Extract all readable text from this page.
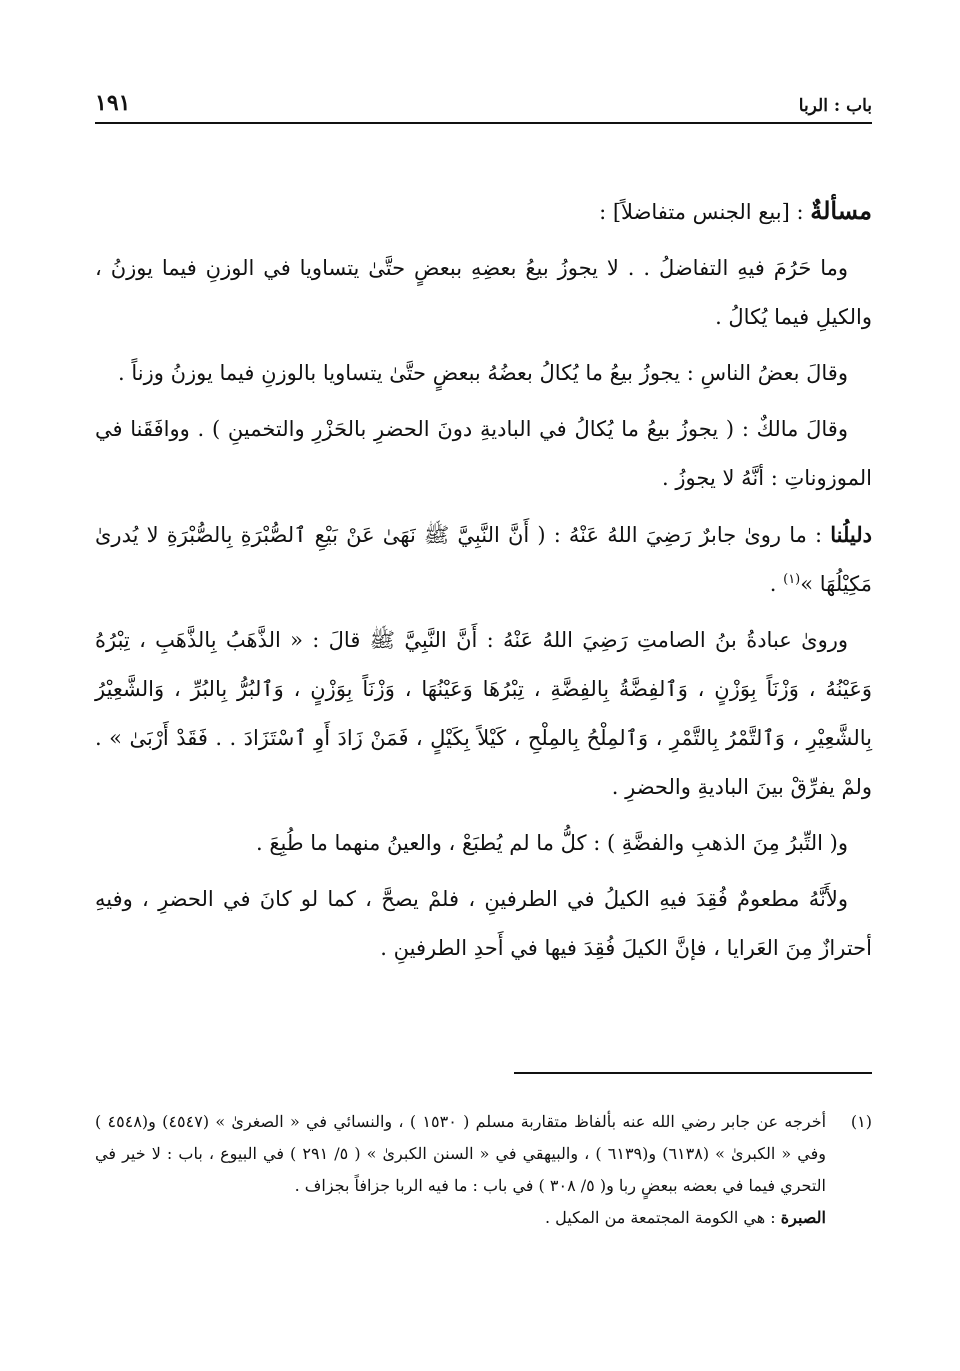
باب : الربا
١٩١

مسألةٌ : [بيع الجنس متفاضلاً] :

وما حَرُمَ فيهِ التفاضلُ . . لا يجوزُ بيعُ بعضِهِ ببعضٍ حتَّىٰ يتساويا في الوزنِ فيما يوزنُ ، والكيلِ فيما يُكالُ .

وقالَ بعضُ الناسِ : يجوزُ بيعُ ما يُكالُ بعضُهُ ببعضٍ حتَّىٰ يتساويا بالوزنِ فيما يوزنُ وزناً .

وقالَ مالكٌ : ( يجوزُ بيعُ ما يُكالُ في الباديةِ دونَ الحضرِ بالحَزْرِ والتخمينِ ) . ووافَقَنا في الموزوناتِ : أنَّهُ لا يجوزُ .

دليلُنا : ما روىٰ جابرٌ رَضِيَ اللهُ عَنْهُ : ( أَنَّ النَّبِيَّ ﷺ نَهَىٰ عَنْ بَيْعِ ٱلصُّبْرَةِ بِالصُّبْرَةِ لا يُدرىٰ مَكِيْلُهَا »$^{(١)}$ .

وروىٰ عبادةُ بنُ الصامتِ رَضِيَ اللهُ عَنْهُ : أَنَّ النَّبِيَّ ﷺ قالَ : « الذَّهَبُ بِالذَّهَبِ ، تِبْرُهُ وَعَيْنُهُ ، وَزْنَاً بِوَزْنٍ ، وَٱلفِضَّةُ بِالفِضَّةِ ، تِبْرُهَا وَعَيْنُهَا ، وَزْنَاً بِوَزْنٍ ، وَٱلبُرُّ بِالبُرِّ ، وَالشَّعِيْرُ بِالشَّعِيْرِ ، وَٱلتَّمْرُ بِالتَّمْرِ ، وَٱلمِلْحُ بِالمِلْحِ ، كَيْلاً بِكَيْلٍ ، فَمَنْ زَادَ أَوِ ٱسْتَزَادَ . . فَقَدْ أَرْبَىٰ » . ولمْ يفرِّقْ بينَ الباديةِ والحضرِ .

و( التِّبرُ مِنَ الذهبِ والفضَّةِ ) : كلُّ ما لم يُطبَعْ ، والعينُ منهما ما طُبِعَ .

ولأَنَّهُ مطعومٌ فُقِدَ فيهِ الكيلُ في الطرفينِ ، فلمْ يصحَّ ، كما لو كانَ في الحضرِ ، وفيهِ أحترازٌ مِنَ العَرايا ، فإنَّ الكيلَ فُقِدَ فيها في أَحدِ الطرفينِ .

(١)
أخرجه عن جابر رضي الله عنه بألفاظ متقاربة مسلم ( ١٥٣٠ ) ، والنسائي في « الصغرىٰ » (٤٥٤٧) و(٤٥٤٨ ) وفي « الكبرىٰ » (٦١٣٨) و(٦١٣٩ ) ، والبيهقي في « السنن الكبرىٰ » ( ٥/ ٢٩١ ) في البيوع ، باب : لا خير في التحري فيما في بعضه ببعضٍ ربا و( ٥/ ٣٠٨ ) في باب : ما فيه الربا جزافاً بجزاف .
الصبرة : هي الكومة المجتمعة من المكيل .
